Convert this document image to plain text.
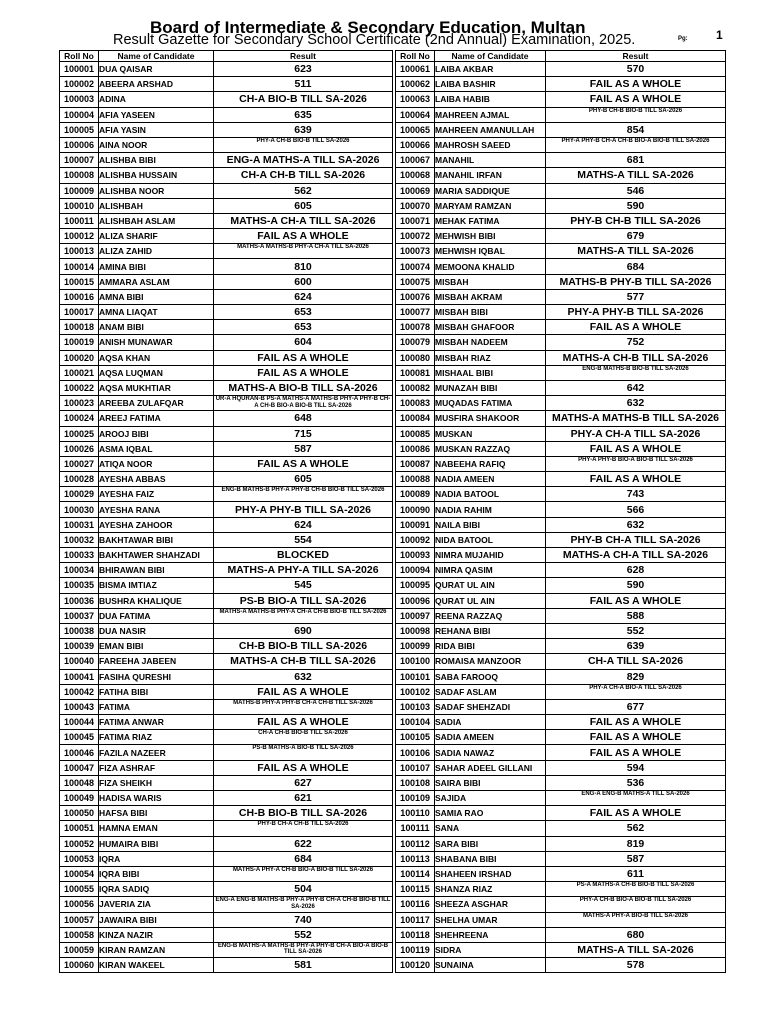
Board of Intermediate & Secondary Education, Multan
Result Gazette for Secondary School Certificate (2nd Annual) Examination, 2025.	Pg: 1
Roll No	Name of Candidate	Result
100001	DUA QAISAR	623
100002	ABEERA ARSHAD	511
100003	ADINA	CH-A BIO-B TILL SA-2026
100004	AFIA YASEEN	635
100005	AFIA YASIN	639
100006	AINA NOOR	PHY-A CH-B BIO-B TILL SA-2026
100007	ALISHBA BIBI	ENG-A MATHS-A TILL SA-2026
100008	ALISHBA HUSSAIN	CH-A CH-B TILL SA-2026
100009	ALISHBA NOOR	562
100010	ALISHBAH	605
100011	ALISHBAH ASLAM	MATHS-A CH-A TILL SA-2026
100012	ALIZA SHARIF	FAIL AS A WHOLE
100013	ALIZA ZAHID	MATHS-A MATHS-B PHY-A CH-A TILL SA-2026
100014	AMINA BIBI	810
100015	AMMARA ASLAM	600
100016	AMNA BIBI	624
100017	AMNA LIAQAT	653
100018	ANAM BIBI	653
100019	ANISH MUNAWAR	604
100020	AQSA KHAN	FAIL AS A WHOLE
100021	AQSA LUQMAN	FAIL AS A WHOLE
100022	AQSA MUKHTIAR	MATHS-A BIO-B TILL SA-2026
100023	AREEBA ZULAFQAR	UR-A HQURAN-B PS-A MATHS-A MATHS-B PHY-A PHY-B CH-A CH-B BIO-A BIO-B TILL SA-2026
100024	AREEJ FATIMA	648
100025	AROOJ BIBI	715
100026	ASMA IQBAL	587
100027	ATIQA NOOR	FAIL AS A WHOLE
100028	AYESHA ABBAS	605
100029	AYESHA FAIZ	ENG-B MATHS-B PHY-A PHY-B CH-B BIO-B TILL SA-2026
100030	AYESHA RANA	PHY-A PHY-B TILL SA-2026
100031	AYESHA ZAHOOR	624
100032	BAKHTAWAR BIBI	554
100033	BAKHTAWER SHAHZADI	BLOCKED
100034	BHIRAWAN BIBI	MATHS-A PHY-A TILL SA-2026
100035	BISMA IMTIAZ	545
100036	BUSHRA KHALIQUE	PS-B BIO-A TILL SA-2026
100037	DUA FATIMA	MATHS-A MATHS-B PHY-A CH-A CH-B BIO-B TILL SA-2026
100038	DUA NASIR	690
100039	EMAN BIBI	CH-B BIO-B TILL SA-2026
100040	FAREEHA JABEEN	MATHS-A CH-B TILL SA-2026
100041	FASIHA QURESHI	632
100042	FATIHA BIBI	FAIL AS A WHOLE
100043	FATIMA	MATHS-B PHY-A PHY-B CH-A CH-B TILL SA-2026
100044	FATIMA ANWAR	FAIL AS A WHOLE
100045	FATIMA RIAZ	CH-A CH-B BIO-B TILL SA-2026
100046	FAZILA NAZEER	PS-B MATHS-A BIO-B TILL SA-2026
100047	FIZA ASHRAF	FAIL AS A WHOLE
100048	FIZA SHEIKH	627
100049	HADISA WARIS	621
100050	HAFSA BIBI	CH-B BIO-B TILL SA-2026
100051	HAMNA EMAN	PHY-B CH-A CH-B TILL SA-2026
100052	HUMAIRA BIBI	622
100053	IQRA	684
100054	IQRA BIBI	MATHS-A PHY-A CH-B BIO-A BIO-B TILL SA-2026
100055	IQRA SADIQ	504
100056	JAVERIA ZIA	ENG-A ENG-B MATHS-B PHY-A PHY-B CH-A CH-B BIO-B TILL SA-2026
100057	JAWAIRA BIBI	740
100058	KINZA NAZIR	552
100059	KIRAN RAMZAN	ENG-B MATHS-A MATHS-B PHY-A PHY-B CH-A BIO-A BIO-B TILL SA-2026
100060	KIRAN WAKEEL	581
Roll No	Name of Candidate	Result
100061	LAIBA AKBAR	570
100062	LAIBA BASHIR	FAIL AS A WHOLE
100063	LAIBA HABIB	FAIL AS A WHOLE
100064	MAHREEN AJMAL	PHY-B CH-B BIO-B TILL SA-2026
100065	MAHREEN AMANULLAH	854
100066	MAHROSH SAEED	PHY-A PHY-B CH-A CH-B BIO-A BIO-B TILL SA-2026
100067	MANAHIL	681
100068	MANAHIL IRFAN	MATHS-A TILL SA-2026
100069	MARIA SADDIQUE	546
100070	MARYAM RAMZAN	590
100071	MEHAK FATIMA	PHY-B CH-B TILL SA-2026
100072	MEHWISH BIBI	679
100073	MEHWISH IQBAL	MATHS-A TILL SA-2026
100074	MEMOONA KHALID	684
100075	MISBAH	MATHS-B PHY-B TILL SA-2026
100076	MISBAH AKRAM	577
100077	MISBAH BIBI	PHY-A PHY-B TILL SA-2026
100078	MISBAH GHAFOOR	FAIL AS A WHOLE
100079	MISBAH NADEEM	752
100080	MISBAH RIAZ	MATHS-A CH-B TILL SA-2026
100081	MISHAAL BIBI	ENG-B MATHS-B BIO-B TILL SA-2026
100082	MUNAZAH BIBI	642
100083	MUQADAS FATIMA	632
100084	MUSFIRA SHAKOOR	MATHS-A MATHS-B TILL SA-2026
100085	MUSKAN	PHY-A CH-A TILL SA-2026
100086	MUSKAN RAZZAQ	FAIL AS A WHOLE
100087	NABEEHA RAFIQ	PHY-A PHY-B BIO-A BIO-B TILL SA-2026
100088	NADIA AMEEN	FAIL AS A WHOLE
100089	NADIA BATOOL	743
100090	NADIA RAHIM	566
100091	NAILA BIBI	632
100092	NIDA BATOOL	PHY-B CH-A TILL SA-2026
100093	NIMRA MUJAHID	MATHS-A CH-A TILL SA-2026
100094	NIMRA QASIM	628
100095	QURAT UL AIN	590
100096	QURAT UL AIN	FAIL AS A WHOLE
100097	REENA RAZZAQ	588
100098	REHANA BIBI	552
100099	RIDA BIBI	639
100100	ROMAISA MANZOOR	CH-A TILL SA-2026
100101	SABA FAROOQ	829
100102	SADAF ASLAM	PHY-A CH-A BIO-A TILL SA-2026
100103	SADAF SHEHZADI	677
100104	SADIA	FAIL AS A WHOLE
100105	SADIA AMEEN	FAIL AS A WHOLE
100106	SADIA NAWAZ	FAIL AS A WHOLE
100107	SAHAR ADEEL GILLANI	594
100108	SAIRA BIBI	536
100109	SAJIDA	ENG-A ENG-B MATHS-A TILL SA-2026
100110	SAMIA RAO	FAIL AS A WHOLE
100111	SANA	562
100112	SARA BIBI	819
100113	SHABANA BIBI	587
100114	SHAHEEN IRSHAD	611
100115	SHANZA RIAZ	PS-A MATHS-A CH-B BIO-B TILL SA-2026
100116	SHEEZA ASGHAR	PHY-A CH-B BIO-A BIO-B TILL SA-2026
100117	SHELHA UMAR	MATHS-A PHY-A BIO-B TILL SA-2026
100118	SHEHREENA	680
100119	SIDRA	MATHS-A TILL SA-2026
100120	SUNAINA	578
